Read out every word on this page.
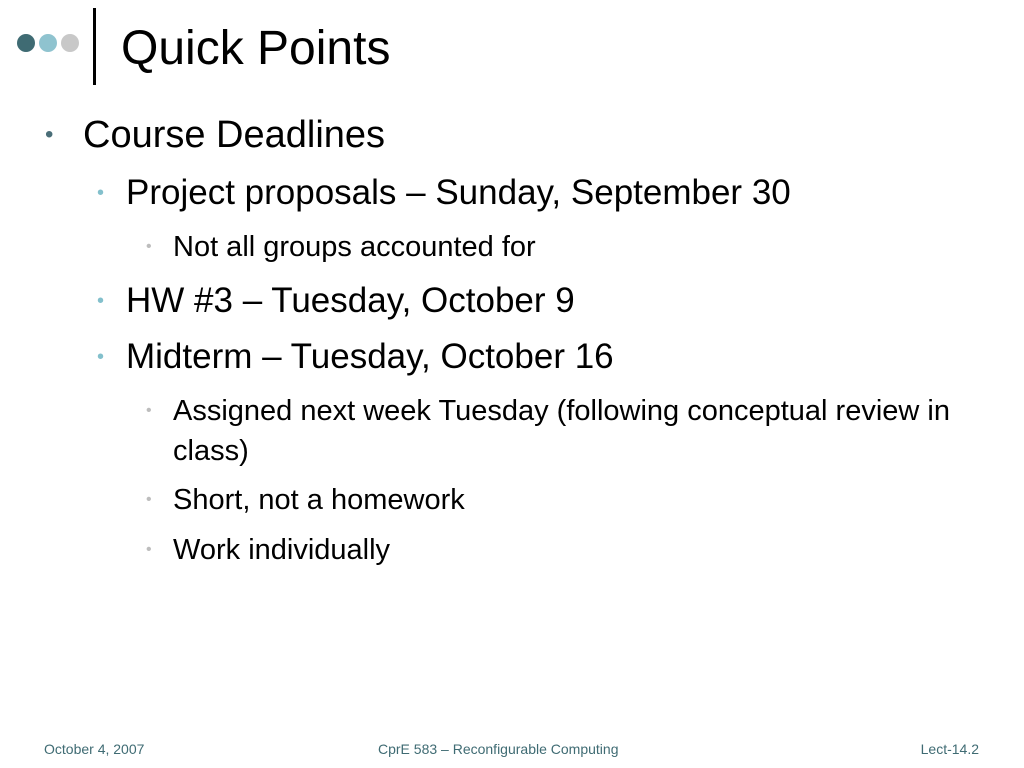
Quick Points
• Course Deadlines
• Project proposals – Sunday, September 30
• Not all groups accounted for
• HW #3 – Tuesday, October 9
• Midterm – Tuesday, October 16
• Assigned next week Tuesday (following conceptual review in class)
• Short, not a homework
• Work individually
October 4, 2007	CprE 583 – Reconfigurable Computing	Lect-14.2
